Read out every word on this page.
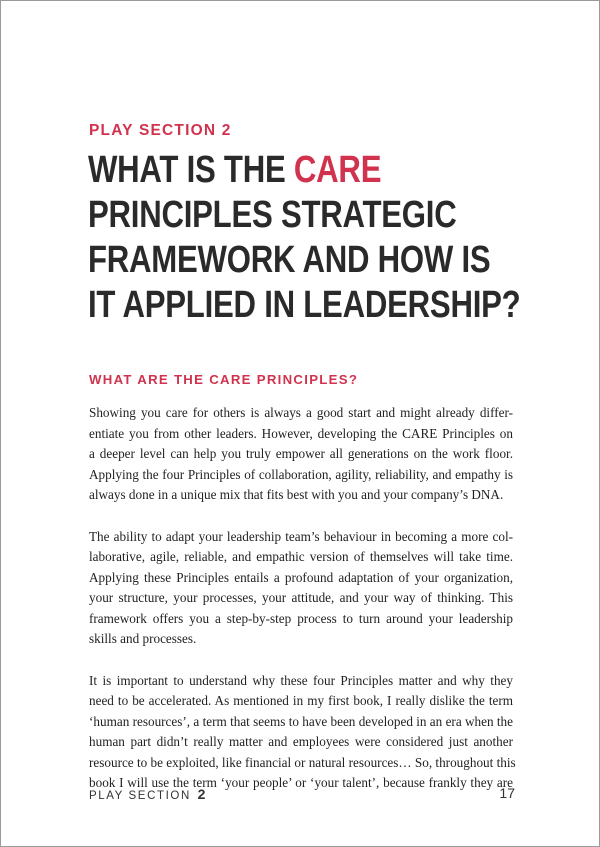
PLAY SECTION 2
WHAT IS THE CARE
PRINCIPLES STRATEGIC
FRAMEWORK AND HOW IS
IT APPLIED IN LEADERSHIP?
WHAT ARE THE CARE PRINCIPLES?

Showing you care for others is always a good start and might already differ-
entiate you from other leaders. However, developing the CARE Principles on
a deeper level can help you truly empower all generations on the work floor.
Applying the four Principles of collaboration, agility, reliability, and empathy is
always done in a unique mix that fits best with you and your company’s DNA.

The ability to adapt your leadership team’s behaviour in becoming a more col-
laborative, agile, reliable, and empathic version of themselves will take time.
Applying these Principles entails a profound adaptation of your organization,
your structure, your processes, your attitude, and your way of thinking. This
framework offers you a step-by-step process to turn around your leadership
skills and processes.

It is important to understand why these four Principles matter and why they
need to be accelerated. As mentioned in my first book, I really dislike the term
‘human resources’, a term that seems to have been developed in an era when the
human part didn’t really matter and employees were considered just another
resource to be exploited, like financial or natural resources… So, throughout this
book I will use the term ‘your people’ or ‘your talent’, because frankly they are

PLAY SECTION 2	17
